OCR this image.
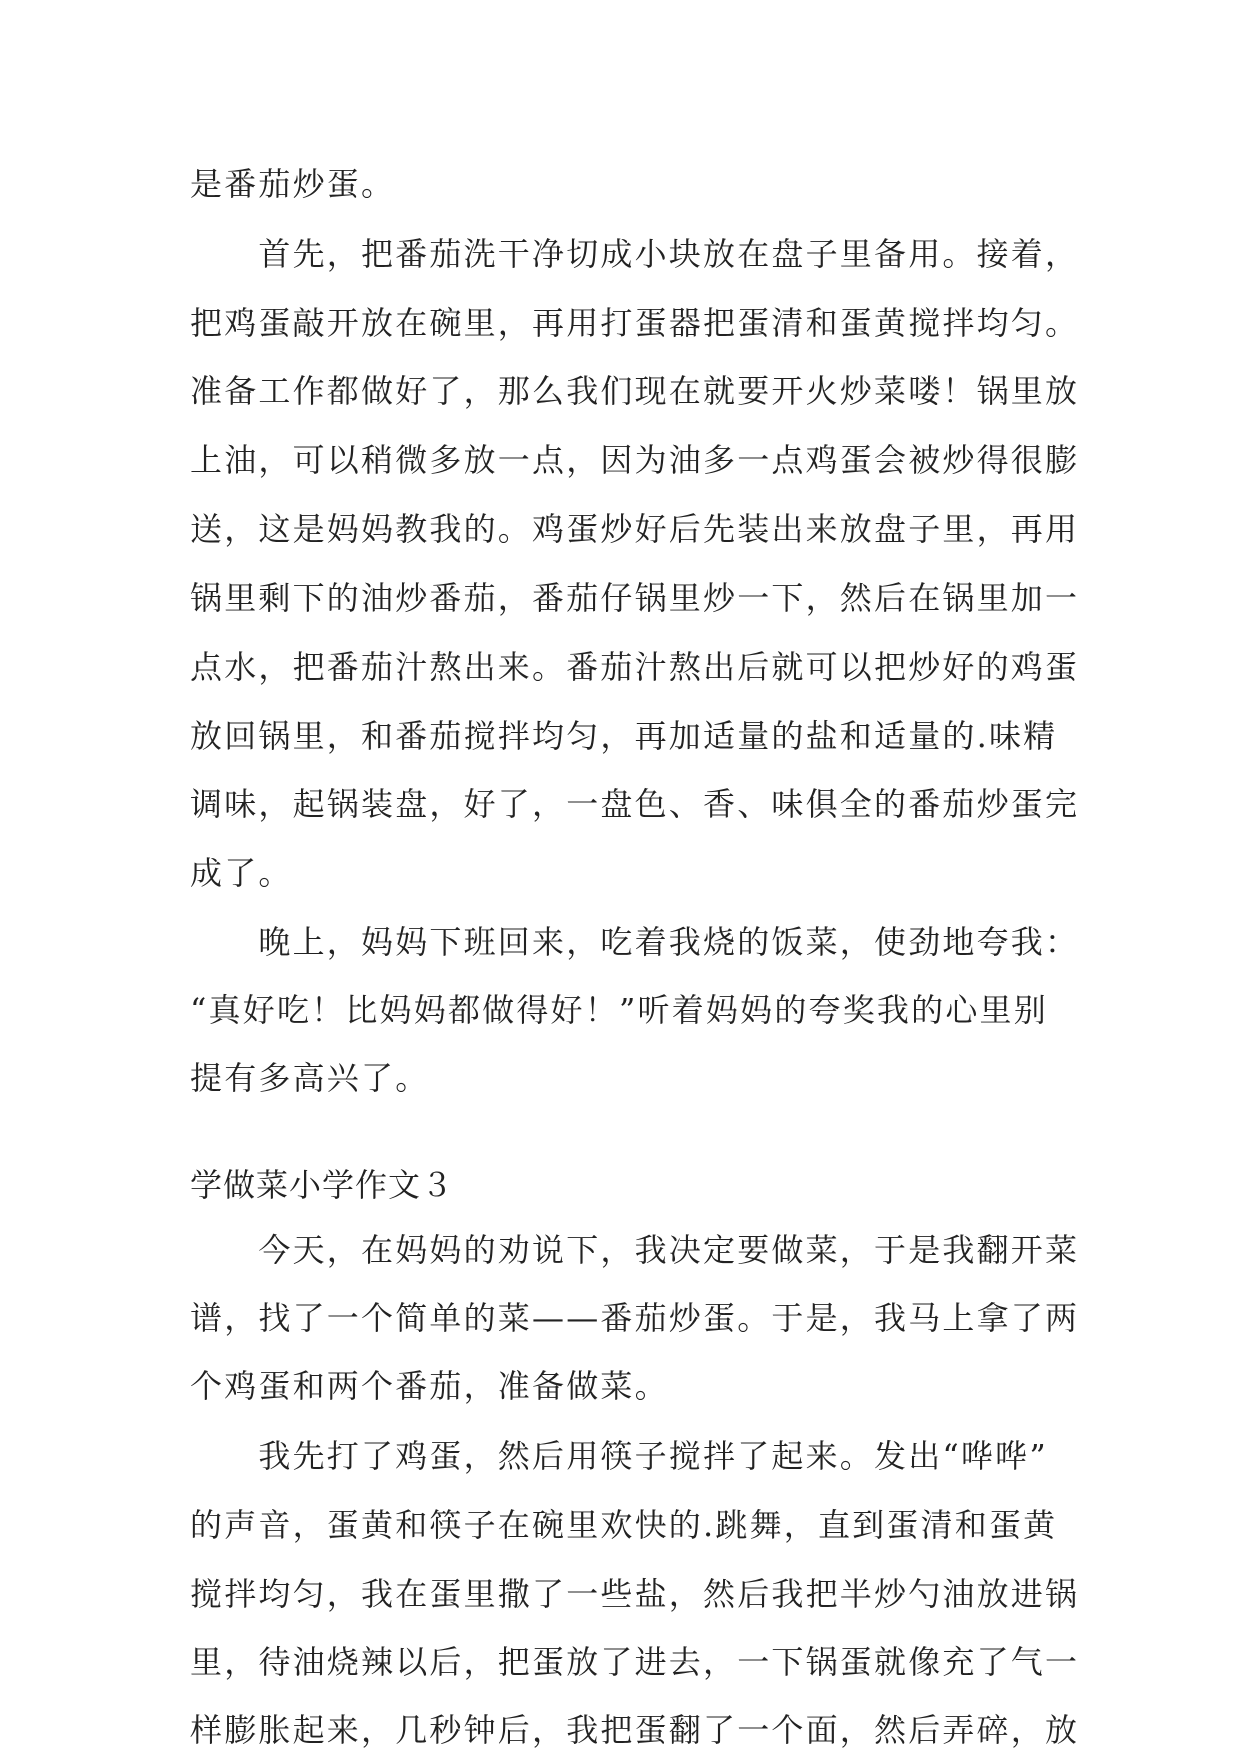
是番茄炒蛋。
　　首先，把番茄洗干净切成小块放在盘子里备用。接着，
把鸡蛋敲开放在碗里，再用打蛋器把蛋清和蛋黄搅拌均匀。
准备工作都做好了，那么我们现在就要开火炒菜喽！锅里放
上油，可以稍微多放一点，因为油多一点鸡蛋会被炒得很膨
送，这是妈妈教我的。鸡蛋炒好后先装出来放盘子里，再用
锅里剩下的油炒番茄，番茄仔锅里炒一下，然后在锅里加一
点水，把番茄汁熬出来。番茄汁熬出后就可以把炒好的鸡蛋
放回锅里，和番茄搅拌均匀，再加适量的盐和适量的.味精
调味，起锅装盘，好了，一盘色、香、味俱全的番茄炒蛋完
成了。
　　晚上，妈妈下班回来，吃着我烧的饭菜，使劲地夸我：
“真好吃！比妈妈都做得好！”听着妈妈的夸奖我的心里别
提有多高兴了。
学做菜小学作文３
　　今天，在妈妈的劝说下，我决定要做菜，于是我翻开菜
谱，找了一个简单的菜——番茄炒蛋。于是，我马上拿了两
个鸡蛋和两个番茄，准备做菜。
　　我先打了鸡蛋，然后用筷子搅拌了起来。发出“哗哗”
的声音，蛋黄和筷子在碗里欢快的.跳舞，直到蛋清和蛋黄
搅拌均匀，我在蛋里撒了一些盐，然后我把半炒勺油放进锅
里，待油烧辣以后，把蛋放了进去，一下锅蛋就像充了气一
样膨胀起来，几秒钟后，我把蛋翻了一个面，然后弄碎，放
